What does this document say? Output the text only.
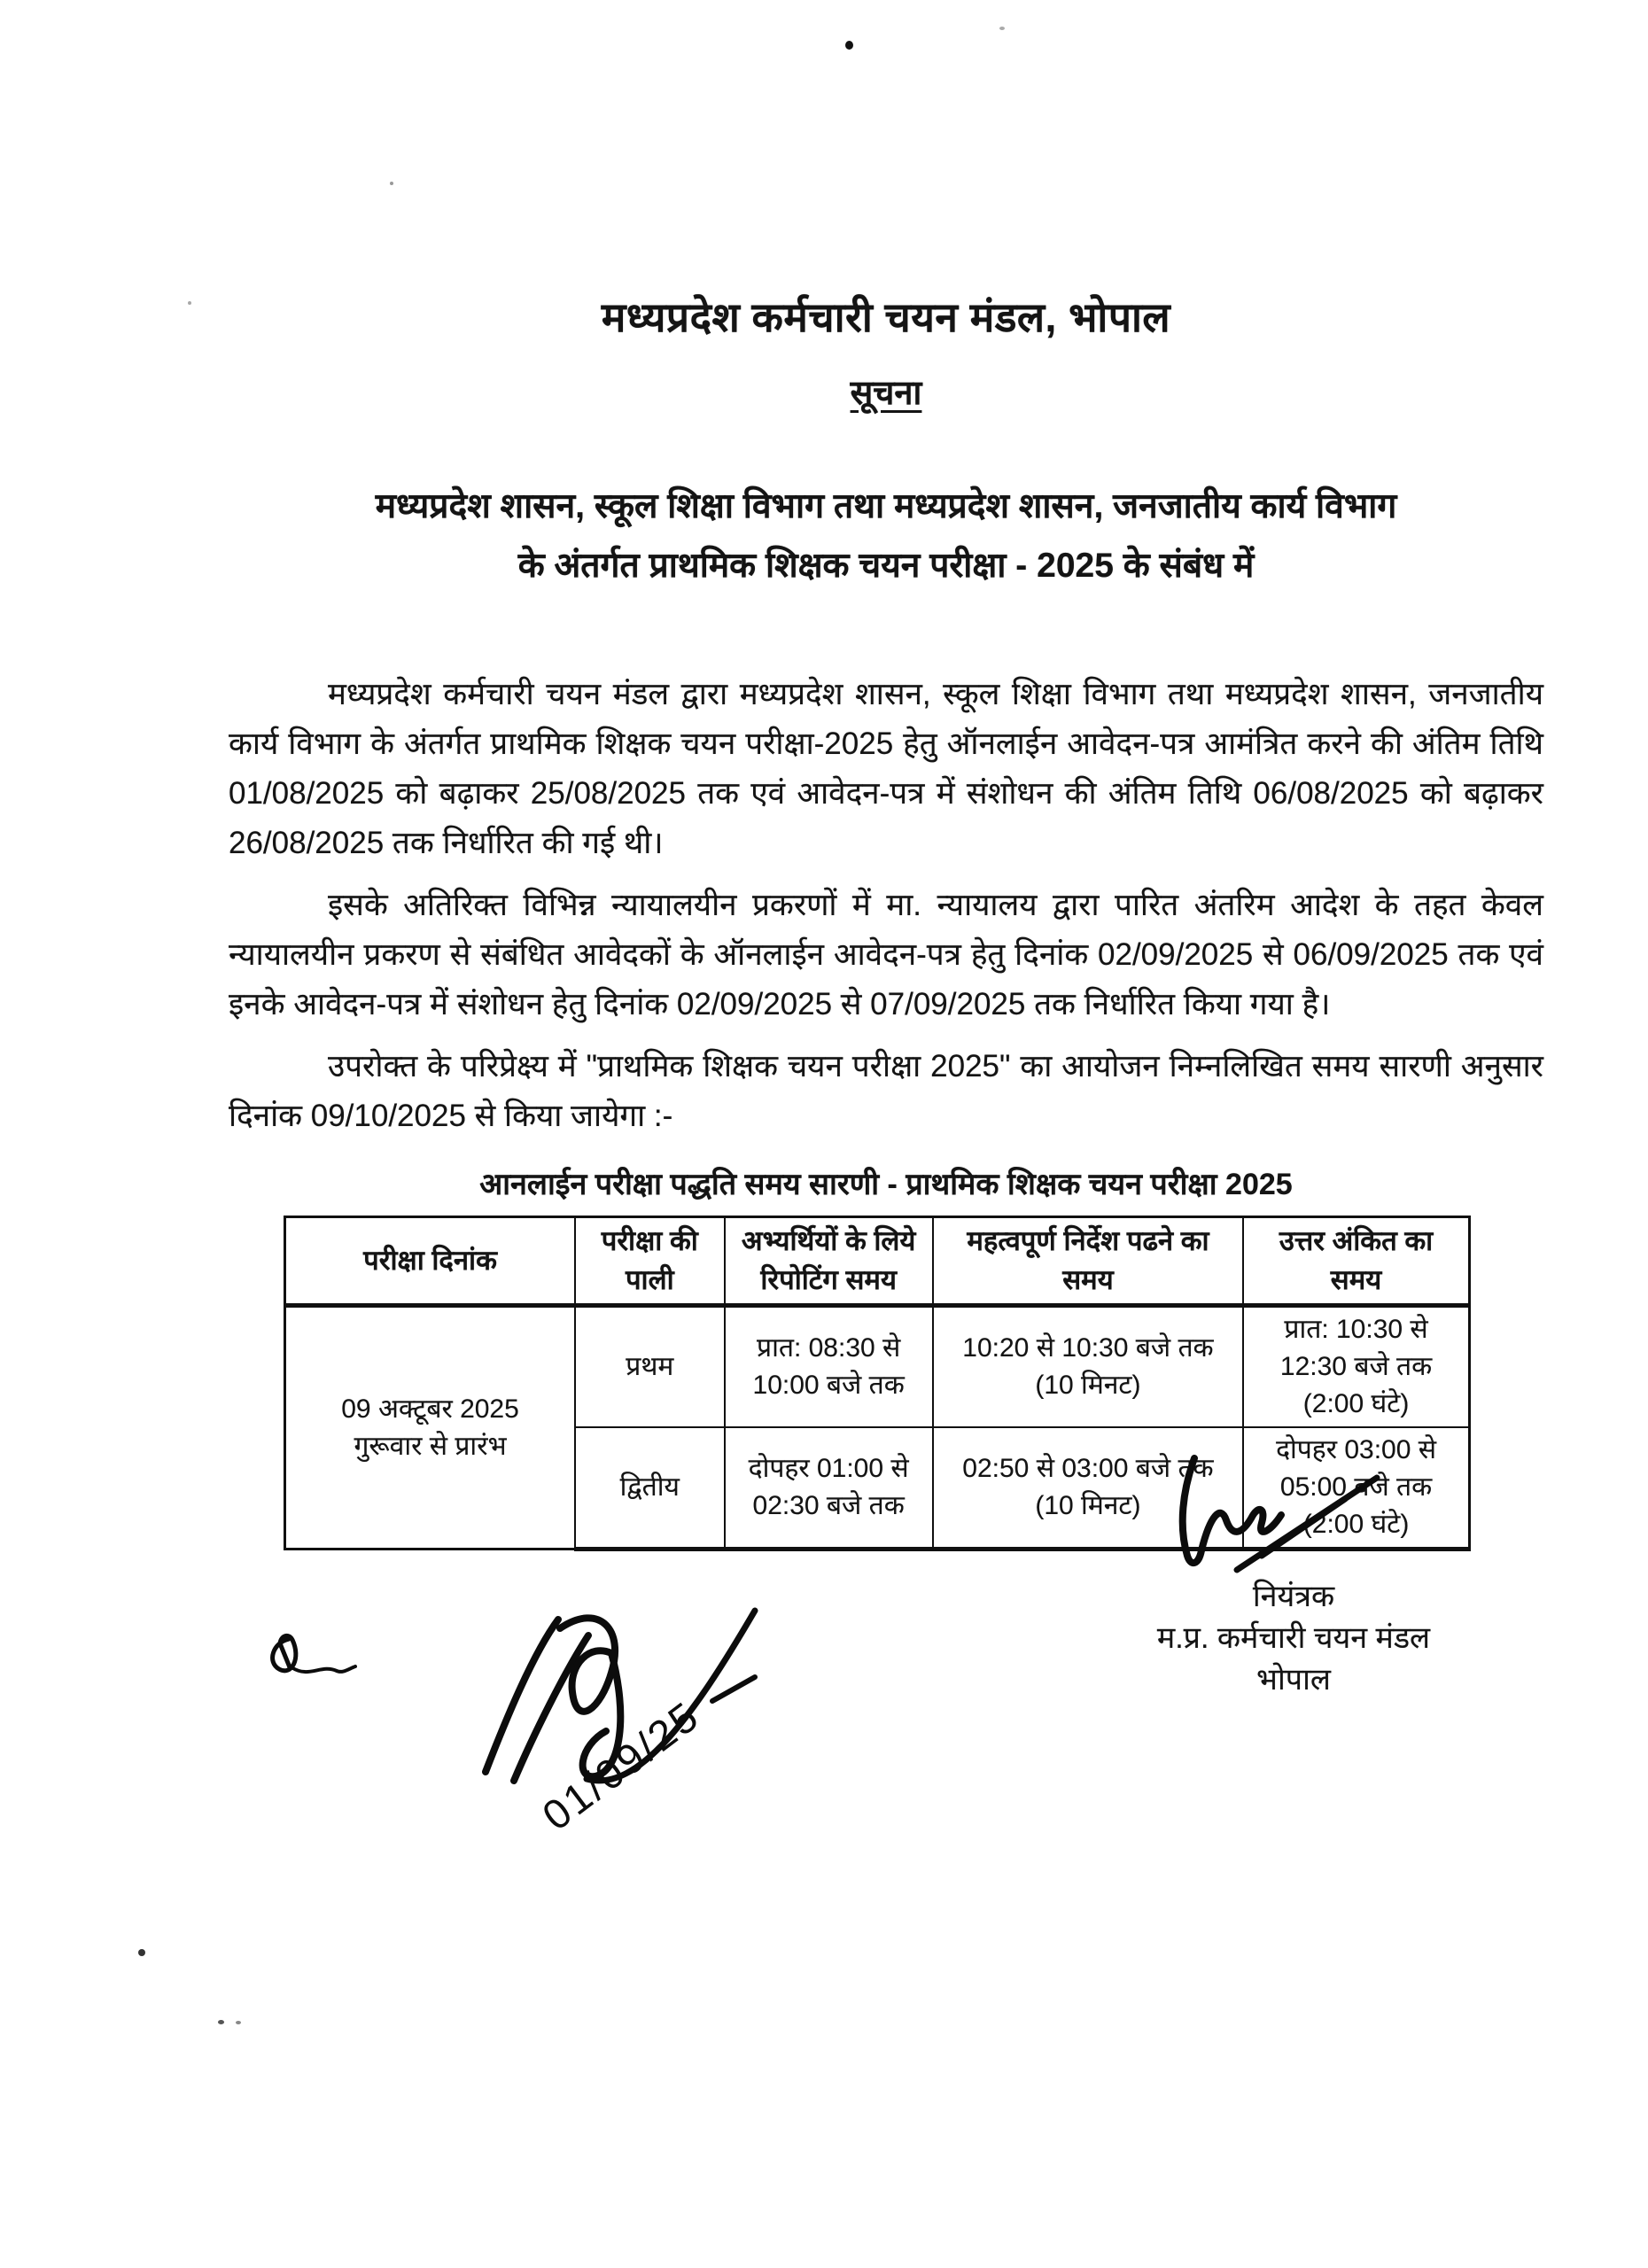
मध्यप्रदेश कर्मचारी चयन मंडल, भोपाल
सूचना
मध्यप्रदेश शासन, स्कूल शिक्षा विभाग तथा मध्यप्रदेश शासन, जनजातीय कार्य विभाग
के अंतर्गत प्राथमिक शिक्षक चयन परीक्षा - 2025 के संबंध में

मध्यप्रदेश कर्मचारी चयन मंडल द्वारा मध्यप्रदेश शासन, स्कूल शिक्षा विभाग तथा मध्यप्रदेश शासन, जनजातीय कार्य विभाग के अंतर्गत प्राथमिक शिक्षक चयन परीक्षा-2025 हेतु ऑनलाईन आवेदन-पत्र आमंत्रित करने की अंतिम तिथि 01/08/2025 को बढ़ाकर 25/08/2025 तक एवं आवेदन-पत्र में संशोधन की अंतिम तिथि 06/08/2025 को बढ़ाकर 26/08/2025 तक निर्धारित की गई थी।

इसके अतिरिक्त विभिन्न न्यायालयीन प्रकरणों में मा. न्यायालय द्वारा पारित अंतरिम आदेश के तहत केवल न्यायालयीन प्रकरण से संबंधित आवेदकों के ऑनलाईन आवेदन-पत्र हेतु दिनांक 02/09/2025 से 06/09/2025 तक एवं इनके आवेदन-पत्र में संशोधन हेतु दिनांक 02/09/2025 से 07/09/2025 तक निर्धारित किया गया है।

उपरोक्त के परिप्रेक्ष्य में "प्राथमिक शिक्षक चयन परीक्षा 2025" का आयोजन निम्नलिखित समय सारणी अनुसार दिनांक 09/10/2025 से किया जायेगा :-

आनलाईन परीक्षा पद्धति समय सारणी - प्राथमिक शिक्षक चयन परीक्षा 2025
परीक्षा दिनांक	परीक्षा की पाली	अभ्यर्थियों के लिये रिपोटिंग समय	महत्वपूर्ण निर्देश पढने का समय	उत्तर अंकित का समय

09 अक्टूबर 2025
गुरूवार से प्रारंभ	प्रथम	प्रात: 08:30 से 10:00 बजे तक	10:20 से 10:30 बजे तक (10 मिनट)	प्रात: 10:30 से 12:30 बजे तक (2:00 घंटे)
	द्वितीय	दोपहर 01:00 से 02:30 बजे तक	02:50 से 03:00 बजे तक (10 मिनट)	दोपहर 03:00 से 05:00 बजे तक (2:00 घंटे)
नियंत्रक
म.प्र. कर्मचारी चयन मंडल
भोपाल
01/09/25
